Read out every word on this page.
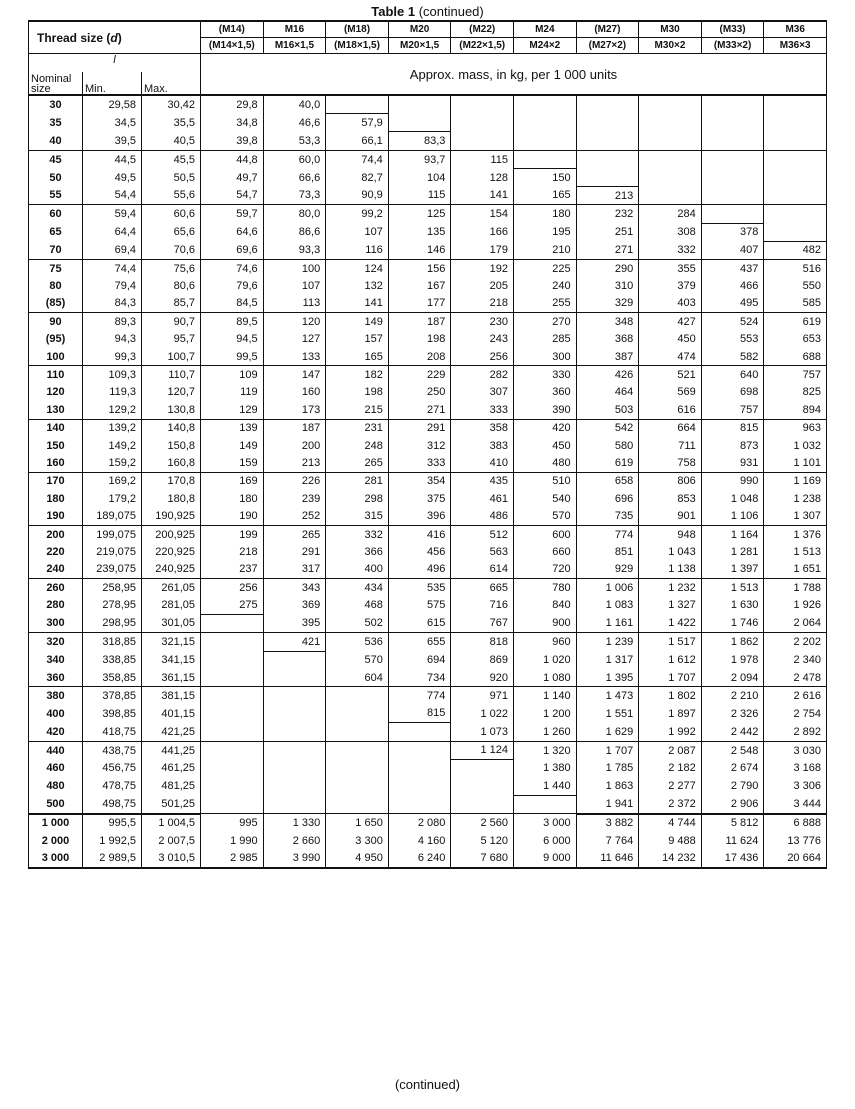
Table 1 (continued)
Thread size (d)			(M14)	M16	(M18)	M20	(M22)	M24	(M27)	M30	(M33)	M36
			(M14×1,5)	M16×1,5	(M18×1,5)	M20×1,5	(M22×1,5)	M24×2	(M27×2)	M30×2	(M33×2)	M36×3
l			Approx. mass, in kg, per 1 000 units									
Nominal size	Min.	Max.										
30	29,58	30,42	29,8	40,0								
35	34,5	35,5	34,8	46,6	57,9							
40	39,5	40,5	39,8	53,3	66,1	83,3						
45	44,5	45,5	44,8	60,0	74,4	93,7	115					
50	49,5	50,5	49,7	66,6	82,7	104	128	150				
55	54,4	55,6	54,7	73,3	90,9	115	141	165	213			
60	59,4	60,6	59,7	80,0	99,2	125	154	180	232	284		
65	64,4	65,6	64,6	86,6	107	135	166	195	251	308	378	
70	69,4	70,6	69,6	93,3	116	146	179	210	271	332	407	482
75	74,4	75,6	74,6	100	124	156	192	225	290	355	437	516
80	79,4	80,6	79,6	107	132	167	205	240	310	379	466	550
(85)	84,3	85,7	84,5	113	141	177	218	255	329	403	495	585
90	89,3	90,7	89,5	120	149	187	230	270	348	427	524	619
(95)	94,3	95,7	94,5	127	157	198	243	285	368	450	553	653
100	99,3	100,7	99,5	133	165	208	256	300	387	474	582	688
110	109,3	110,7	109	147	182	229	282	330	426	521	640	757
120	119,3	120,7	119	160	198	250	307	360	464	569	698	825
130	129,2	130,8	129	173	215	271	333	390	503	616	757	894
140	139,2	140,8	139	187	231	291	358	420	542	664	815	963
150	149,2	150,8	149	200	248	312	383	450	580	711	873	1 032
160	159,2	160,8	159	213	265	333	410	480	619	758	931	1 101
170	169,2	170,8	169	226	281	354	435	510	658	806	990	1 169
180	179,2	180,8	180	239	298	375	461	540	696	853	1 048	1 238
190	189,075	190,925	190	252	315	396	486	570	735	901	1 106	1 307
200	199,075	200,925	199	265	332	416	512	600	774	948	1 164	1 376
220	219,075	220,925	218	291	366	456	563	660	851	1 043	1 281	1 513
240	239,075	240,925	237	317	400	496	614	720	929	1 138	1 397	1 651
260	258,95	261,05	256	343	434	535	665	780	1 006	1 232	1 513	1 788
280	278,95	281,05	275	369	468	575	716	840	1 083	1 327	1 630	1 926
300	298,95	301,05		395	502	615	767	900	1 161	1 422	1 746	2 064
320	318,85	321,15		421	536	655	818	960	1 239	1 517	1 862	2 202
340	338,85	341,15			570	694	869	1 020	1 317	1 612	1 978	2 340
360	358,85	361,15			604	734	920	1 080	1 395	1 707	2 094	2 478
380	378,85	381,15				774	971	1 140	1 473	1 802	2 210	2 616
400	398,85	401,15				815	1 022	1 200	1 551	1 897	2 326	2 754
420	418,75	421,25					1 073	1 260	1 629	1 992	2 442	2 892
440	438,75	441,25					1 124	1 320	1 707	2 087	2 548	3 030
460	456,75	461,25						1 380	1 785	2 182	2 674	3 168
480	478,75	481,25						1 440	1 863	2 277	2 790	3 306
500	498,75	501,25							1 941	2 372	2 906	3 444
1 000	995,5	1 004,5	995	1 330	1 650	2 080	2 560	3 000	3 882	4 744	5 812	6 888
2 000	1 992,5	2 007,5	1 990	2 660	3 300	4 160	5 120	6 000	7 764	9 488	11 624	13 776
3 000	2 989,5	3 010,5	2 985	3 990	4 950	6 240	7 680	9 000	11 646	14 232	17 436	20 664
(continued)
